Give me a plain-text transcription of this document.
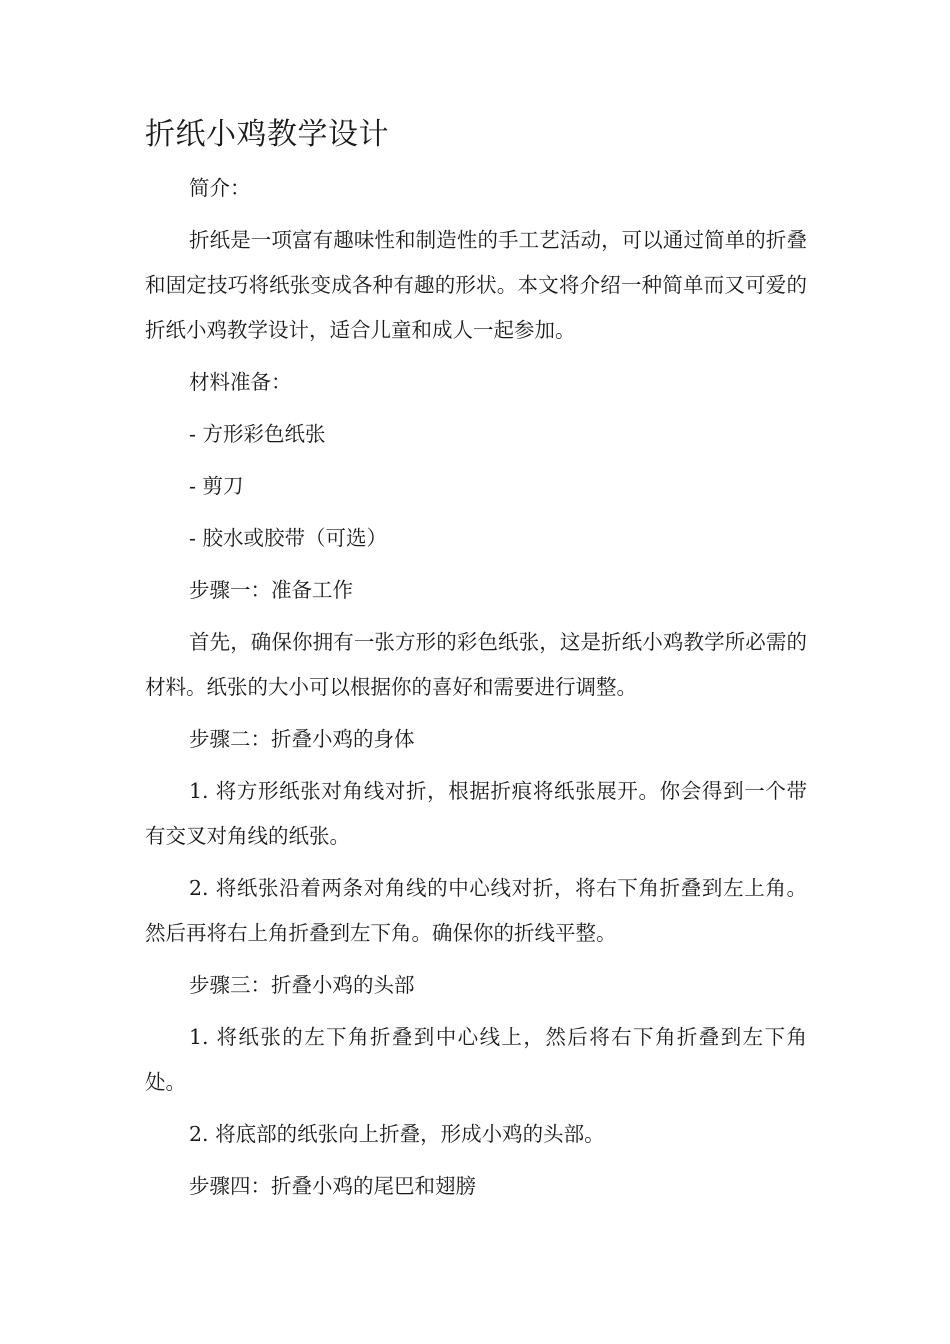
折纸小鸡教学设计

简介：

折纸是一项富有趣味性和制造性的手工艺活动，可以通过简单的折叠和固定技巧将纸张变成各种有趣的形状。本文将介绍一种简单而又可爱的折纸小鸡教学设计，适合儿童和成人一起参加。

材料准备：

- 方形彩色纸张

- 剪刀

- 胶水或胶带（可选）

步骤一：准备工作

首先，确保你拥有一张方形的彩色纸张，这是折纸小鸡教学所必需的材料。纸张的大小可以根据你的喜好和需要进行调整。

步骤二：折叠小鸡的身体

1. 将方形纸张对角线对折，根据折痕将纸张展开。你会得到一个带有交叉对角线的纸张。

2. 将纸张沿着两条对角线的中心线对折，将右下角折叠到左上角。然后再将右上角折叠到左下角。确保你的折线平整。

步骤三：折叠小鸡的头部

1. 将纸张的左下角折叠到中心线上，然后将右下角折叠到左下角处。

2. 将底部的纸张向上折叠，形成小鸡的头部。

步骤四：折叠小鸡的尾巴和翅膀
